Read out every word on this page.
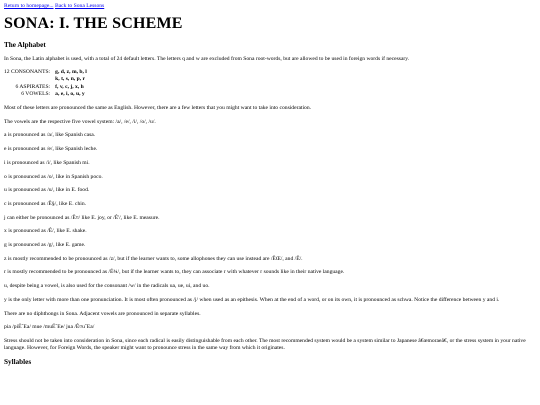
Return to homepage... Back to Sona Lessons
SONA: I. THE SCHEME
The Alphabet

In Sona, the Latin alphabet is used, with a total of 24 default letters. The letters q and w are excluded from Sona root-words, but are allowed to be used in foreign words if necessary.

12 CONSONANTS:	g, d, z, m, b, l
	k, t, s, n, p, r
6 ASPIRATES:	f, v, c, j, x, h
6 VOWELS:	a, e, i, o, u, y

Most of these letters are pronounced the same as English. However, there are a few letters that you might want to take into consideration.

The vowels are the respective five vowel system: /a/, /e/, /i/, /o/, /u/.

a is pronounced as /a/, like Spanish casa.

e is pronounced as /e/, like Spanish leche.

i is pronounced as /i/, like Spanish mi.

o is pronounced as /o/, like in Spanish poco.

u is pronounced as /u/, like in E. food.

c is pronounced as /Ê§/, like E. chin.

j can either be pronounced as /Ê¤/ like E. joy, or /Ê'/, like E. measure.

x is pronounced as /Ê/, like E. shake.

g is pronounced as /g/, like E. game.

z is mostly recommended to be pronounced as /z/, but if the learner wants to, some allophones they can use instead are /ÊŒ/, and /Ê/.

r is mostly recommended to be pronounced as /É¾/, but if the learner wants to, they can associate r with whatever r sounds like in their native language.

u, despite being a vowel, is also used for the consonant /w/ in the radicals ua, ue, ui, and uo.

y is the only letter with more than one pronunciation. It is most often pronounced as /j/ when used as an epithesis. When at the end of a word, or on its own, it is pronounced as schwa. Notice the difference between y and i.

There are no diphthongs in Sona. Adjacent vowels are pronounced in separate syllables.

pia /piËˆEa/ mue /muËˆEe/ jua /Ê¤uˆEa/

Stress should not be taken into consideration in Sona, since each radical is easily distinguishable from each other. The most recommended system would be a system similar to Japanese â€œmoraeâ€, or the stress system in your native language. However, for Foreign Words, the speaker might want to pronounce stress in the same way from which it originates.

Syllables
